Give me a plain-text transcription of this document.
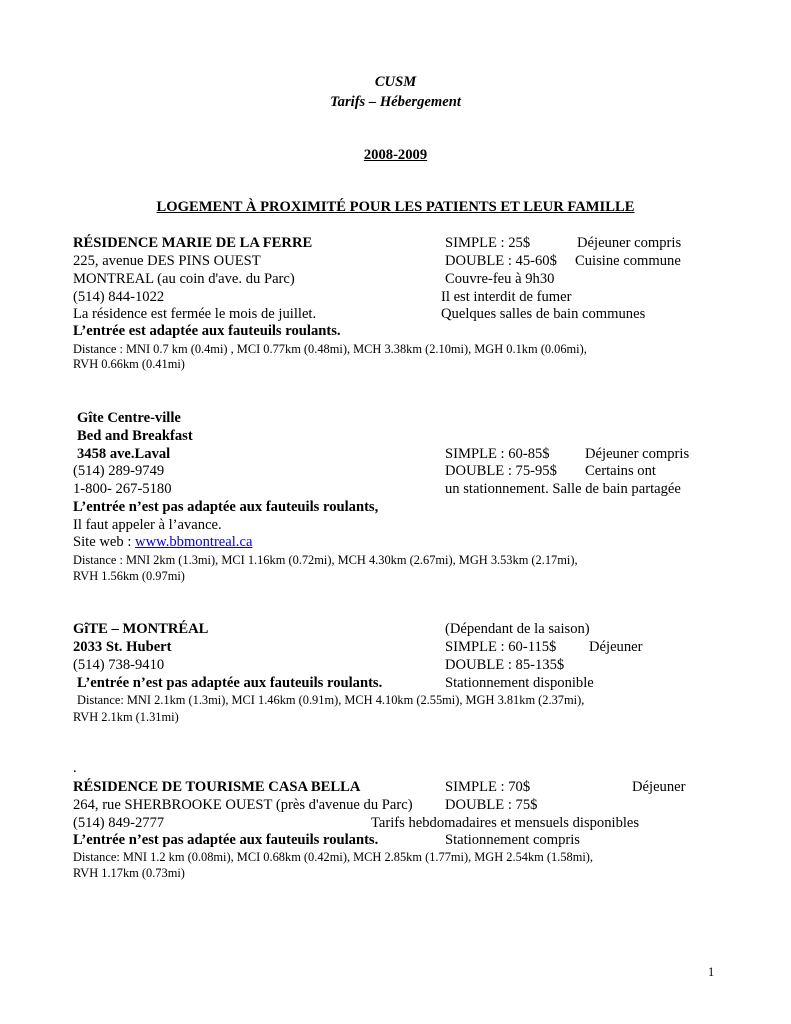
CUSM
Tarifs – Hébergement
2008-2009
LOGEMENT À PROXIMITÉ POUR LES PATIENTS ET LEUR FAMILLE
RÉSIDENCE MARIE DE LA FERRE
225, avenue DES PINS OUEST
MONTREAL (au coin d'ave. du Parc)
(514) 844-1022
La résidence est fermée le mois de juillet.
L’entrée est adaptée aux fauteuils roulants.
Distance : MNI 0.7 km (0.4mi) , MCI 0.77km (0.48mi), MCH 3.38km (2.10mi), MGH 0.1km (0.06mi),
RVH 0.66km (0.41mi)
SIMPLE : 25$	Déjeuner compris
DOUBLE : 45-60$ Cuisine commune
Couvre-feu à 9h30
Il est interdit de fumer
Quelques salles de bain communes
Gîte Centre-ville
Bed and Breakfast
3458 ave.Laval
(514) 289-9749
1-800- 267-5180
L’entrée n’est pas adaptée aux fauteuils roulants,
Il faut appeler à l’avance.
Site web : www.bbmontreal.ca
Distance : MNI 2km (1.3mi), MCI 1.16km (0.72mi), MCH 4.30km (2.67mi), MGH 3.53km (2.17mi),
RVH 1.56km (0.97mi)
SIMPLE : 60-85$ Déjeuner compris
DOUBLE : 75-95$ Certains ont
un stationnement. Salle de bain partagée
GîTE – MONTRÉAL
2033 St. Hubert
(514) 738-9410
L’entrée n’est pas adaptée aux fauteuils roulants.
Distance: MNI 2.1km (1.3mi), MCI 1.46km (0.91m), MCH 4.10km (2.55mi), MGH 3.81km (2.37mi),
RVH 2.1km (1.31mi)
(Dépendant de la saison)
SIMPLE : 60-115$ Déjeuner
DOUBLE : 85-135$
Stationnement disponible
.
RÉSIDENCE DE TOURISME CASA BELLA
264, rue SHERBROOKE OUEST (près d'avenue du Parc)
(514) 849-2777
L’entrée n’est pas adaptée aux fauteuils roulants.
Distance: MNI 1.2 km (0.08mi), MCI 0.68km (0.42mi), MCH 2.85km (1.77mi), MGH 2.54km (1.58mi),
RVH 1.17km (0.73mi)
SIMPLE : 70$	Déjeuner
DOUBLE : 75$
Tarifs hebdomadaires et mensuels disponibles
Stationnement compris
1
